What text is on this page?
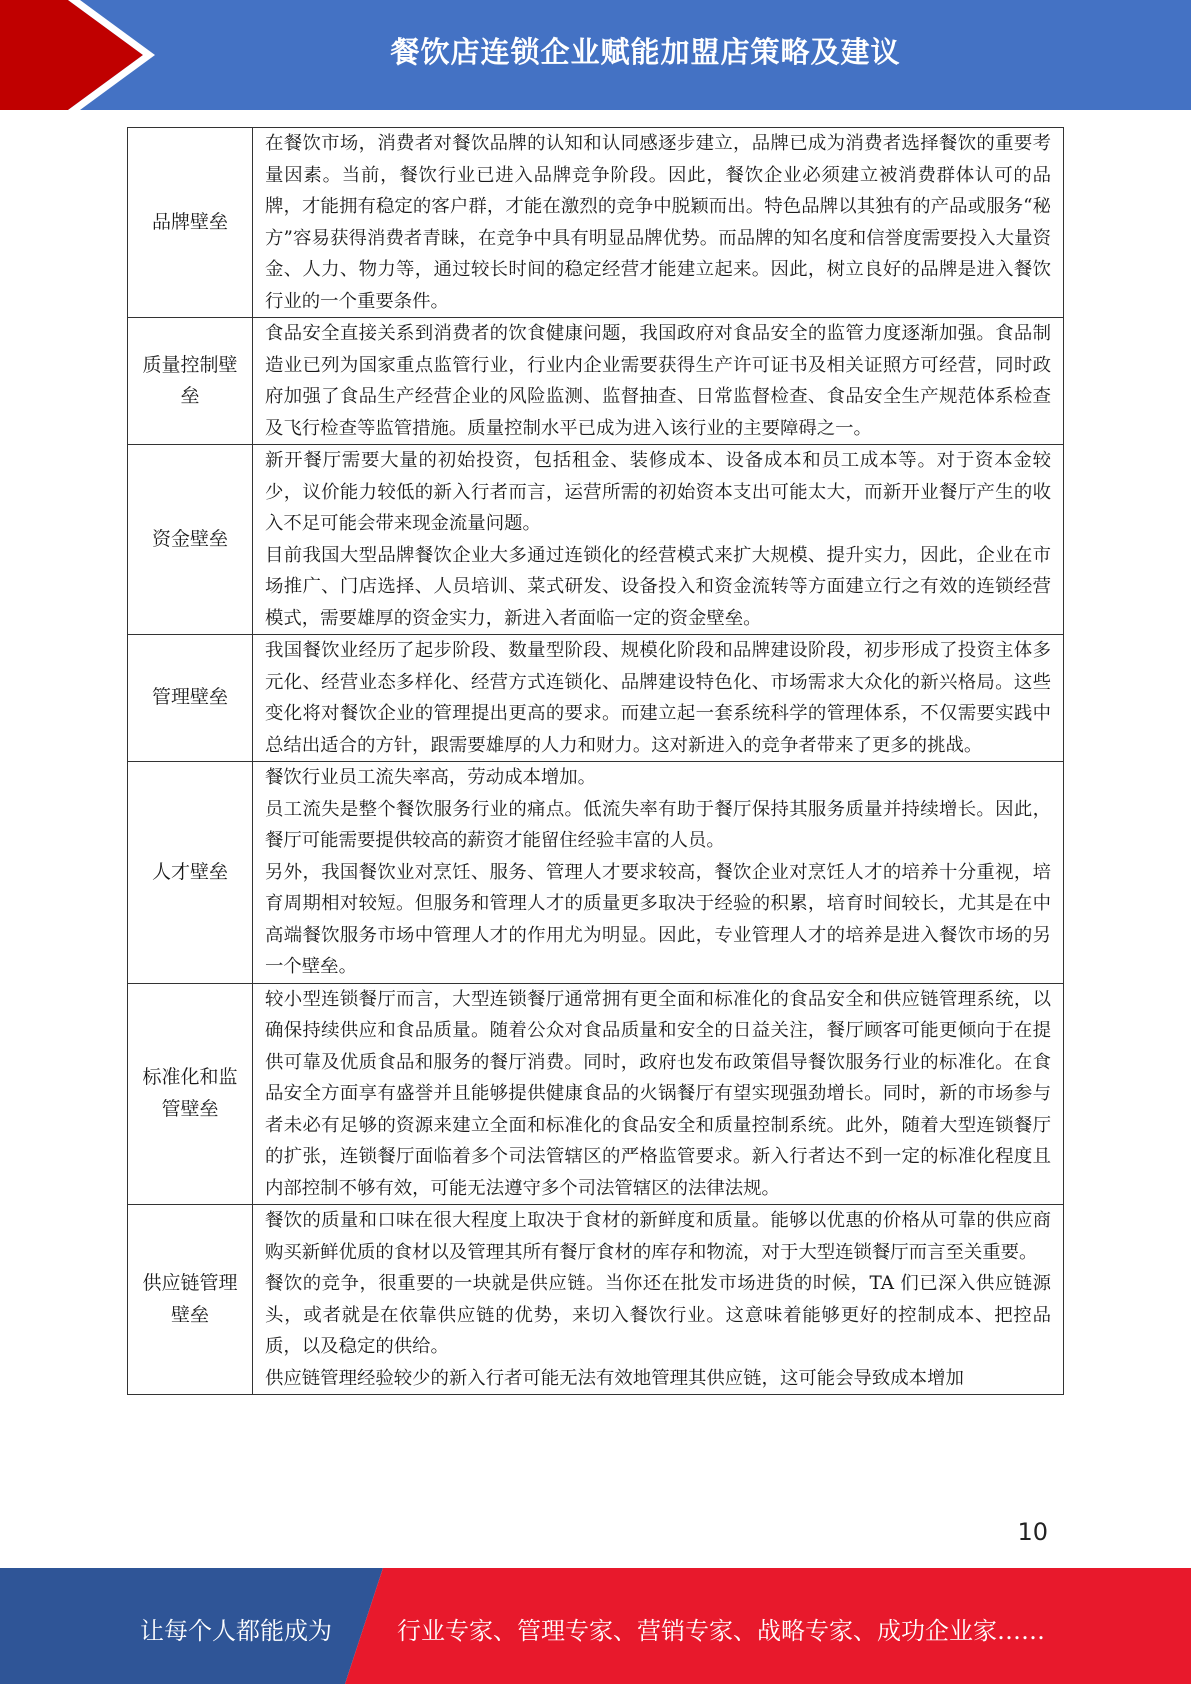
餐饮店连锁企业赋能加盟店策略及建议
品牌壁垒	在餐饮市场，消费者对餐饮品牌的认知和认同感逐步建立，品牌已成为消费者选择餐饮的重要考量因素。当前，餐饮行业已进入品牌竞争阶段。因此，餐饮企业必须建立被消费群体认可的品牌，才能拥有稳定的客户群，才能在激烈的竞争中脱颖而出。特色品牌以其独有的产品或服务“秘方”容易获得消费者青睐，在竞争中具有明显品牌优势。而品牌的知名度和信誉度需要投入大量资金、人力、物力等，通过较长时间的稳定经营才能建立起来。因此，树立良好的品牌是进入餐饮行业的一个重要条件。

质量控制壁垒	食品安全直接关系到消费者的饮食健康问题，我国政府对食品安全的监管力度逐渐加强。食品制造业已列为国家重点监管行业，行业内企业需要获得生产许可证书及相关证照方可经营，同时政府加强了食品生产经营企业的风险监测、监督抽查、日常监督检查、食品安全生产规范体系检查及飞行检查等监管措施。质量控制水平已成为进入该行业的主要障碍之一。

资金壁垒	新开餐厅需要大量的初始投资，包括租金、装修成本、设备成本和员工成本等。对于资本金较少，议价能力较低的新入行者而言，运营所需的初始资本支出可能太大，而新开业餐厅产生的收入不足可能会带来现金流量问题。

目前我国大型品牌餐饮企业大多通过连锁化的经营模式来扩大规模、提升实力，因此，企业在市场推广、门店选择、人员培训、菜式研发、设备投入和资金流转等方面建立行之有效的连锁经营模式，需要雄厚的资金实力，新进入者面临一定的资金壁垒。

管理壁垒	我国餐饮业经历了起步阶段、数量型阶段、规模化阶段和品牌建设阶段，初步形成了投资主体多元化、经营业态多样化、经营方式连锁化、品牌建设特色化、市场需求大众化的新兴格局。这些变化将对餐饮企业的管理提出更高的要求。而建立起一套系统科学的管理体系，不仅需要实践中总结出适合的方针，跟需要雄厚的人力和财力。这对新进入的竞争者带来了更多的挑战。

人才壁垒	餐饮行业员工流失率高，劳动成本增加。

员工流失是整个餐饮服务行业的痛点。低流失率有助于餐厅保持其服务质量并持续增长。因此，餐厅可能需要提供较高的薪资才能留住经验丰富的人员。

另外，我国餐饮业对烹饪、服务、管理人才要求较高，餐饮企业对烹饪人才的培养十分重视，培育周期相对较短。但服务和管理人才的质量更多取决于经验的积累，培育时间较长，尤其是在中高端餐饮服务市场中管理人才的作用尤为明显。因此，专业管理人才的培养是进入餐饮市场的另一个壁垒。

标准化和监管壁垒	较小型连锁餐厅而言，大型连锁餐厅通常拥有更全面和标准化的食品安全和供应链管理系统，以确保持续供应和食品质量。随着公众对食品质量和安全的日益关注，餐厅顾客可能更倾向于在提供可靠及优质食品和服务的餐厅消费。同时，政府也发布政策倡导餐饮服务行业的标准化。在食品安全方面享有盛誉并且能够提供健康食品的火锅餐厅有望实现强劲增长。同时，新的市场参与者未必有足够的资源来建立全面和标准化的食品安全和质量控制系统。此外，随着大型连锁餐厅的扩张，连锁餐厅面临着多个司法管辖区的严格监管要求。新入行者达不到一定的标准化程度且内部控制不够有效，可能无法遵守多个司法管辖区的法律法规。

供应链管理壁垒	餐饮的质量和口味在很大程度上取决于食材的新鲜度和质量。能够以优惠的价格从可靠的供应商购买新鲜优质的食材以及管理其所有餐厅食材的库存和物流，对于大型连锁餐厅而言至关重要。

餐饮的竞争，很重要的一块就是供应链。当你还在批发市场进货的时候，TA 们已深入供应链源头，或者就是在依靠供应链的优势，来切入餐饮行业。这意味着能够更好的控制成本、把控品质，以及稳定的供给。

供应链管理经验较少的新入行者可能无法有效地管理其供应链，这可能会导致成本增加

10
让每个人都能成为	行业专家、管理专家、营销专家、战略专家、成功企业家……
